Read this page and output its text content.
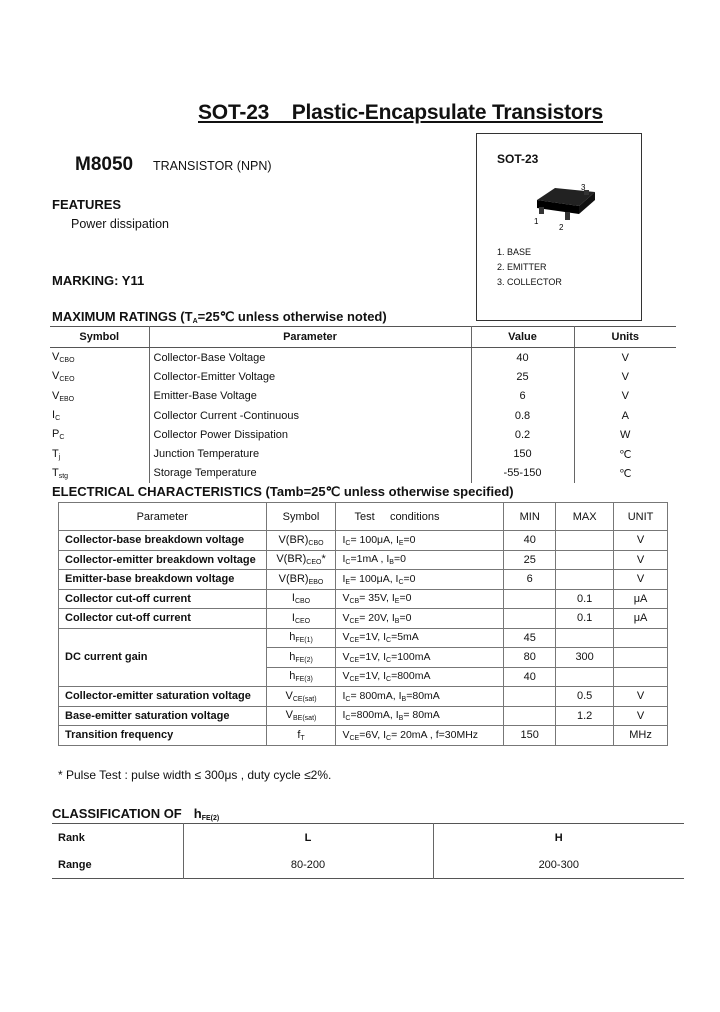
SOT-23    Plastic-Encapsulate Transistors
M8050 TRANSISTOR (NPN)
FEATURES
Power dissipation
MARKING: Y11
SOT-23
1
2
3
1. BASE
2. EMITTER
3. COLLECTOR
MAXIMUM RATINGS ($T_A=25℃$ unless otherwise noted)
Symbol	Parameter	Value	Units
$V_{CBO}$	Collector-Base Voltage	40	V
$V_{CEO}$	Collector-Emitter Voltage	25	V
$V_{EBO}$	Emitter-Base Voltage	6	V
$I_C$	Collector Current -Continuous	0.8	A
$P_C$	Collector Power Dissipation	0.2	W
$T_j$	Junction Temperature	150	℃
$T_{stg}$	Storage Temperature	-55-150	℃
ELECTRICAL CHARACTERISTICS (Tamb=25℃ unless otherwise specified)
Parameter	Symbol	Test     conditions	MIN	MAX	UNIT
Collector-base breakdown voltage	$V(BR)_{CBO}$	$I_C= 100\mu A$, $I_E=0$	40		V
Collector-emitter breakdown voltage	$V(BR)_{CEO}*$	$I_C=1mA$ , $I_B=0$	25		V
Emitter-base breakdown voltage	$V(BR)_{EBO}$	$I_E= 100\mu A$, $I_C=0$	6		V
Collector cut-off current	$I_{CBO}$	$V_{CB}= 35V$, $I_E=0$		0.1	μA
Collector cut-off current	$I_{CEO}$	$V_{CE}= 20V$, $I_B=0$		0.1	μA
DC current gain	$h_{FE(1)}$	$V_{CE}=1V$, $I_C=5mA$	45		
	$h_{FE(2)}$	$V_{CE}=1V$, $I_C=100mA$	80	300	
	$h_{FE(3)}$	$V_{CE}=1V$, $I_C=800mA$	40		
Collector-emitter saturation voltage	$V_{CE(sat)}$	$I_C= 800mA$, $I_B=80mA$		0.5	V
Base-emitter saturation voltage	$V_{BE(sat)}$	$I_C=800mA$, $I_B= 80mA$		1.2	V
Transition frequency	$f_T$	$V_{CE}=6V$, $I_C= 20mA$ , f=30MHz	150		MHz
* Pulse Test : pulse width ≤ 300μs , duty cycle ≤2%.
CLASSIFICATION OF $h_{FE(2)}$
Rank	L	H
Range	80-200	200-300
